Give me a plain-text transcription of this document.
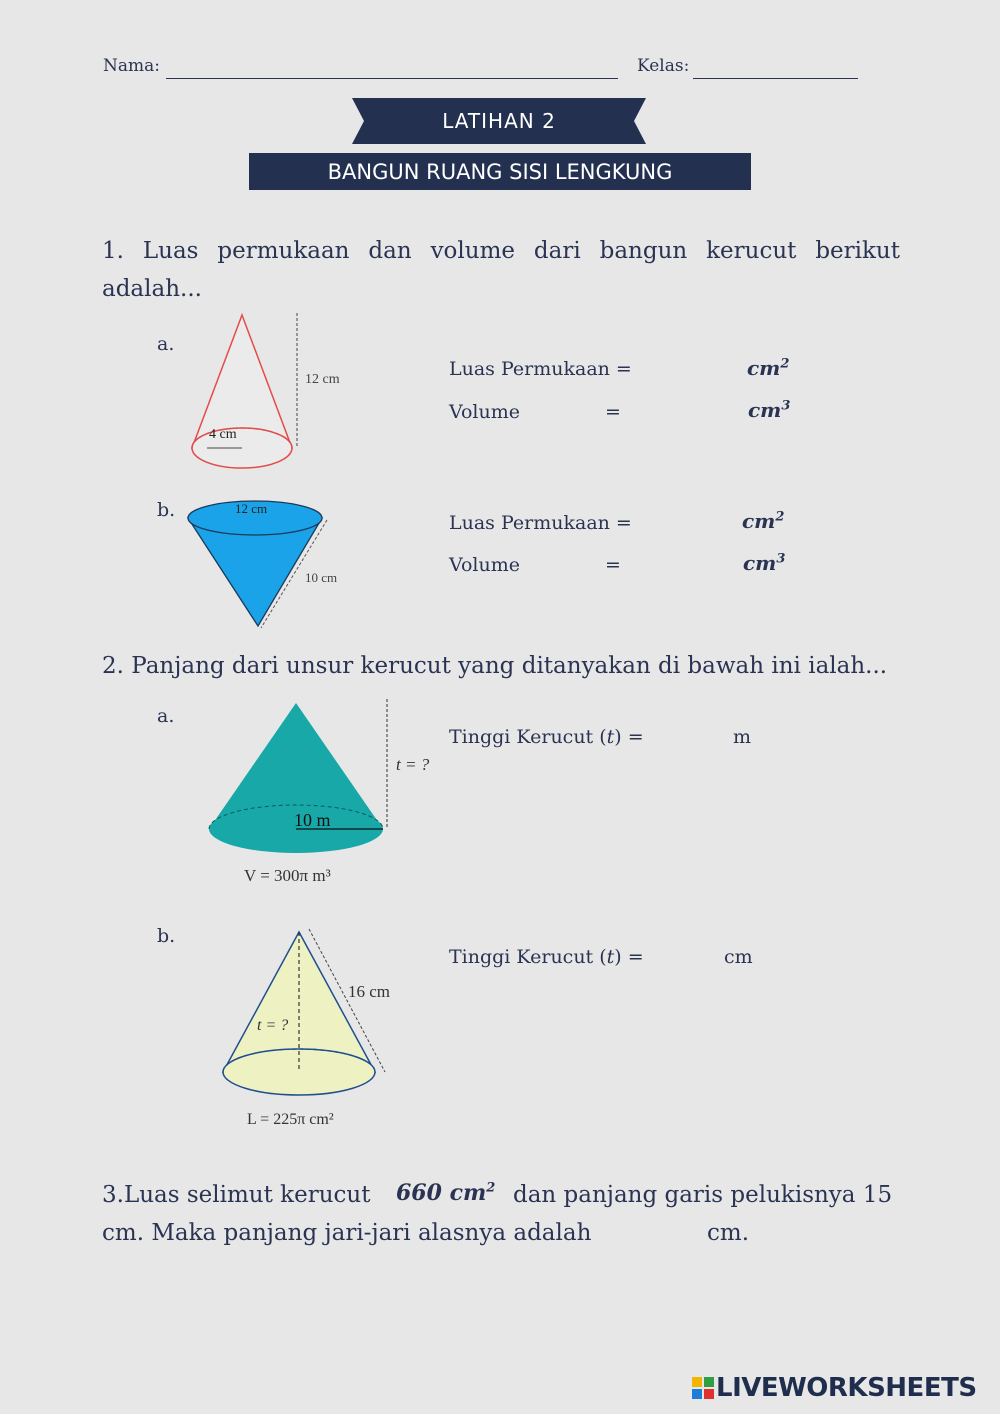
Nama:	Kelas:
LATIHAN 2
BANGUN RUANG SISI LENGKUNG
1. Luas permukaan dan volume dari bangun kerucut berikut
adalah...
a.
12 cm
4 cm
Luas Permukaan =	$cm^2$
Volume	=	$cm^3$
b.	12 cm
10 cm
Luas Permukaan =	$cm^2$
Volume	=	$cm^3$
2. Panjang dari unsur kerucut yang ditanyakan di bawah ini ialah...
a.
t = ?
10 m
V = 300π m³
Tinggi Kerucut (t) =	m
b.
16 cm
t = ?
L = 225π cm²
Tinggi Kerucut (t) =	cm
3.Luas selimut kerucut 660 $cm^2$ dan panjang garis pelukisnya 15
cm. Maka panjang jari-jari alasnya adalah	cm.
LIVEWORKSHEETS
